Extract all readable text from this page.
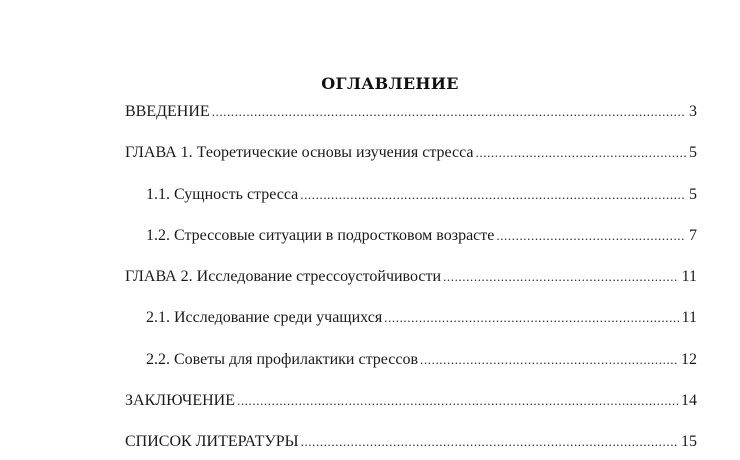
ОГЛАВЛЕНИЕ
ВВЕДЕНИЕ .....	3
ГЛАВА 1. Теоретические основы изучения стресса .....	5
1.1. Сущность стресса .....	5
1.2. Стрессовые ситуации в подростковом возрасте .....	7
ГЛАВА 2. Исследование стрессоустойчивости .....	11
2.1. Исследование среди учащихся .....	11
2.2. Советы для профилактики стрессов .....	12
ЗАКЛЮЧЕНИЕ .....	14
СПИСОК ЛИТЕРАТУРЫ .....	15
